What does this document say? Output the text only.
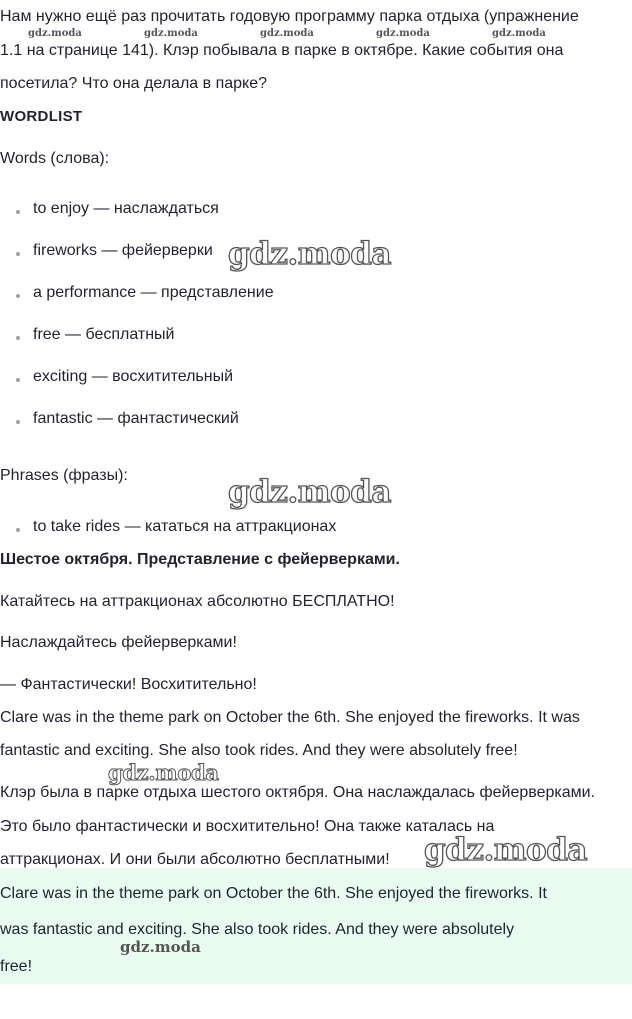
Нам нужно ещё раз прочитать годовую программу парка отдыха (упражнение
1.1 на странице 141). Клэр побывала в парке в октябре. Какие события она
посетила? Что она делала в парке?
gdz.moda	gdz.moda	gdz.moda	gdz.moda	gdz.moda
WORDLIST
Words (слова):
to enjoy — наслаждаться
fireworks — фейерверки
a performance — представление
free — бесплатный
exciting — восхитительный
fantastic — фантастический
Phrases (фразы):
to take rides — кататься на аттракционах
Шестое октября. Представление с фейерверками.
Катайтесь на аттракционах абсолютно БЕСПЛАТНО!
Наслаждайтесь фейерверками!
— Фантастически! Восхитительно!
Clare was in the theme park on October the 6th. She enjoyed the fireworks. It was
fantastic and exciting. She also took rides. And they were absolutely free!
Клэр была в парке отдыха шестого октября. Она наслаждалась фейерверками.
Это было фантастически и восхитительно! Она также каталась на
аттракционах. И они были абсолютно бесплатными!
Clare was in the theme park on October the 6th. She enjoyed the fireworks. It
was fantastic and exciting. She also took rides. And they were absolutely
free!
gdz.moda
gdz.moda
gdz.moda
gdz.moda
gdz.moda
